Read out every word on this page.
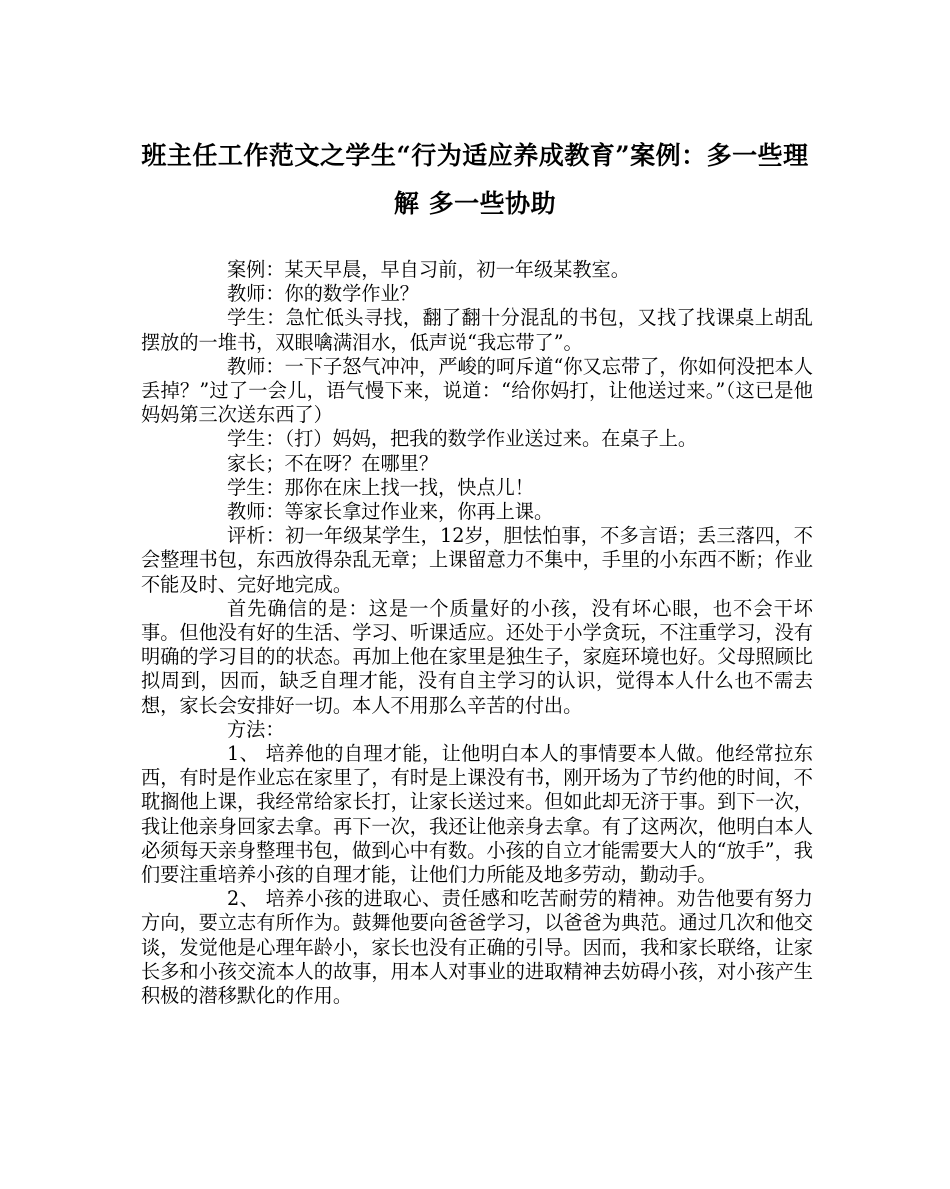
班主任工作范文之学生“行为适应养成教育”案例：多一些理解 多一些协助

案例：某天早晨，早自习前，初一年级某教室。

教师：你的数学作业？

学生：急忙低头寻找，翻了翻十分混乱的书包，又找了找课桌上胡乱摆放的一堆书，双眼噙满泪水，低声说“我忘带了”。

教师：一下子怒气冲冲，严峻的呵斥道“你又忘带了，你如何没把本人丢掉？”过了一会儿，语气慢下来，说道：“给你妈打，让他送过来。”（这已是他妈妈第三次送东西了）

学生：（打）妈妈，把我的数学作业送过来。在桌子上。

家长；不在呀？在哪里？

学生：那你在床上找一找，快点儿！

教师：等家长拿过作业来，你再上课。

评析：初一年级某学生，12岁，胆怯怕事，不多言语；丢三落四，不会整理书包，东西放得杂乱无章；上课留意力不集中，手里的小东西不断；作业不能及时、完好地完成。

首先确信的是：这是一个质量好的小孩，没有坏心眼，也不会干坏事。但他没有好的生活、学习、听课适应。还处于小学贪玩，不注重学习，没有明确的学习目的的状态。再加上他在家里是独生子，家庭环境也好。父母照顾比拟周到，因而，缺乏自理才能，没有自主学习的认识，觉得本人什么也不需去想，家长会安排好一切。本人不用那么辛苦的付出。

方法：

1、 培养他的自理才能，让他明白本人的事情要本人做。他经常拉东西，有时是作业忘在家里了，有时是上课没有书，刚开场为了节约他的时间，不耽搁他上课，我经常给家长打，让家长送过来。但如此却无济于事。到下一次，我让他亲身回家去拿。再下一次，我还让他亲身去拿。有了这两次，他明白本人必须每天亲身整理书包，做到心中有数。小孩的自立才能需要大人的“放手”，我们要注重培养小孩的自理才能，让他们力所能及地多劳动，勤动手。

2、 培养小孩的进取心、责任感和吃苦耐劳的精神。劝告他要有努力方向，要立志有所作为。鼓舞他要向爸爸学习，以爸爸为典范。通过几次和他交谈，发觉他是心理年龄小，家长也没有正确的引导。因而，我和家长联络，让家长多和小孩交流本人的故事，用本人对事业的进取精神去妨碍小孩，对小孩产生积极的潜移默化的作用。
